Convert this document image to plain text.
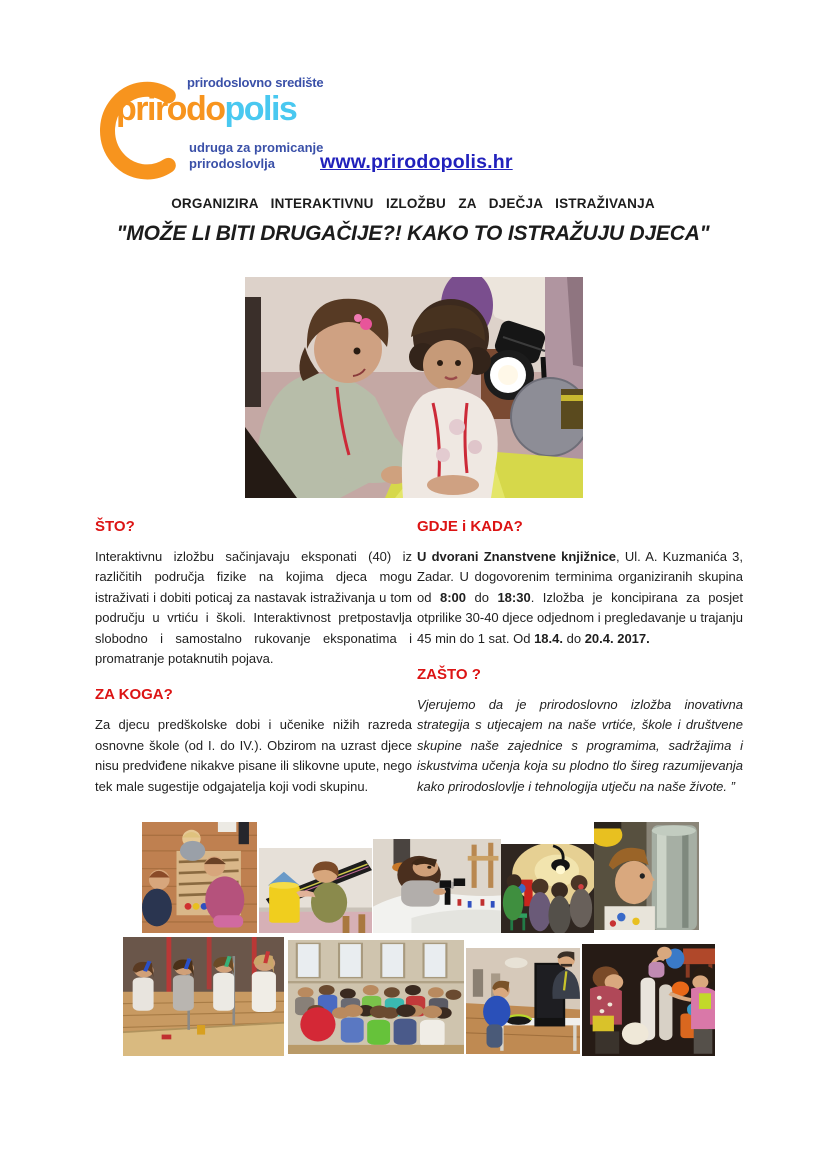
prirodoslovno središte
prirodopolis
udruga za promicanje
prirodoslovlja	www.prirodopolis.hr
ORGANIZIRA INTERAKTIVNU IZLOŽBU ZA DJEČJA ISTRAŽIVANJA
"MOŽE LI BlTI DRUGAČIJE?! KAKO TO ISTRAŽUJU DJECA"
ŠTO?
Interaktivnu izložbu sačinjavaju eksponati (40) iz različitih područja fizike na kojima djeca mogu istraživati i dobiti poticaj za nastavak istraživanja u tom području u vrtiću i školi. Interaktivnost pretpostavlja slobodno i samostalno rukovanje eksponatima i promatranje potaknutih pojava.
ZA KOGA?
Za djecu predškolske dobi i učenike nižih razreda osnovne škole (od I. do IV.). Obzirom na uzrast djece nisu predviđene nikakve pisane ili slikovne upute, nego tek male sugestije odgajatelja koji vodi skupinu.
GDJE i KADA?
U dvorani Znanstvene knjižnice, Ul. A. Kuzmanića 3, Zadar. U dogovorenim terminima organiziranih skupina od 8:00 do 18:30. Izložba je koncipirana za posjet otprilike 30-40 djece odjednom i pregledavanje u trajanju 45 min do 1 sat. Od 18.4. do 20.4. 2017.
ZAŠTO ?
Vjerujemo da je prirodoslovno izložba inovativna strategija s utjecajem na naše vrtiće, škole i društvene skupine naše zajednice s programima, sadržajima i iskustvima učenja koja su plodno tlo šireg razumijevanja kako prirodoslovlje i tehnologija utječu na naše živote. ”
